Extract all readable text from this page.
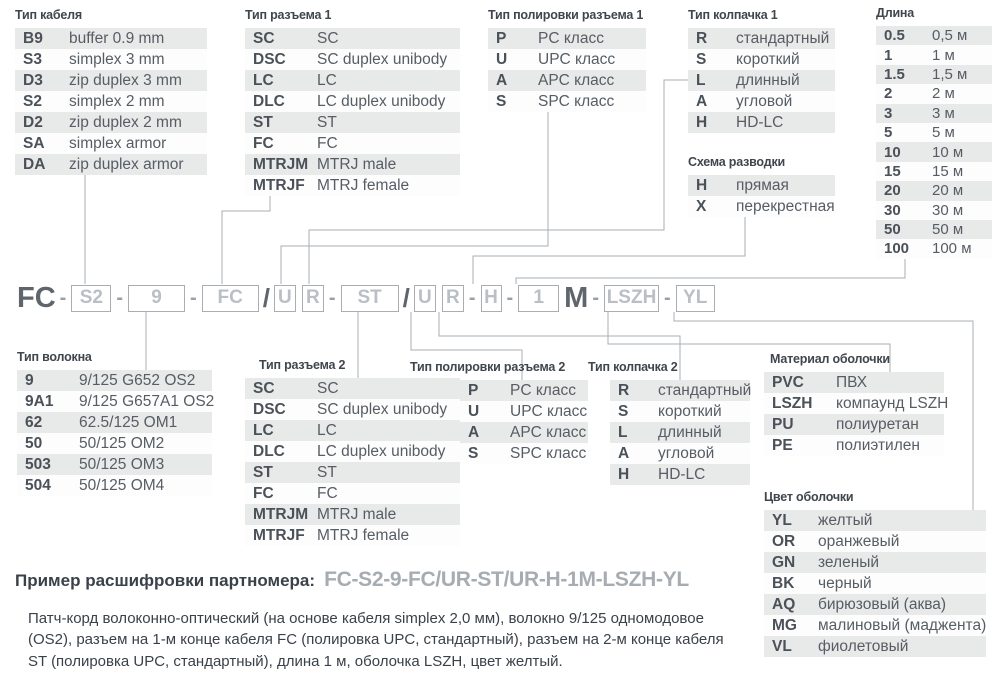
Тип кабеля
B9	buffer 0.9 mm
S3	simplex 3 mm
D3	zip duplex 3 mm
S2	simplex 2 mm
D2	zip duplex 2 mm
SA	simplex armor
DA	zip duplex armor
Тип разъема 1
SC	SC
DSC	SC duplex unibody
LC	LC
DLC	LC duplex unibody
ST	ST
FC	FC
MTRJM MTRJ male
MTRJF MTRJ female
Тип полировки разъема 1
P	PC класс
U	UPC класс
A	APC класс
S	SPC класс
Тип колпачка 1
R	стандартный
S	короткий
L	длинный
A	угловой
H	HD-LC
Схема разводки
H	прямая
X	перекрестная
Длина
0.5	0,5 м
1	1 м
1.5	1,5 м
2	2 м
3	3 м
5	5 м
10	10 м
15	15 м
20	20 м
30	30 м
50	50 м
100	100 м
FC - S2 -	9	-	FC / U R -	ST / U R - H -	1 M - LSZH - YL
Тип волокна
9	9/125 G652 OS2
9A1	9/125 G657A1 OS2
62	62.5/125 OM1
50	50/125 OM2
503	50/125 OM3
504	50/125 OM4
Тип разъема 2
SC	SC
DSC	SC duplex unibody
LC	LC
DLC	LC duplex unibody
ST	ST
FC	FC
MTRJM MTRJ male
MTRJF MTRJ female
Тип полировки разъема 2
P	PC класс
U	UPC класс
A	APC класс
S	SPC класс
Тип колпачка 2
R	стандартный
S	короткий
L	длинный
A	угловой
H	HD-LC
Материал оболочки
PVC	ПВХ
LSZH	компаунд LSZH
PU	полиуретан
PE	полиэтилен
Цвет оболочки
YL	желтый
OR	оранжевый
GN	зеленый
BK	черный
AQ	бирюзовый (аква)
MG	малиновый (маджента)
VL	фиолетовый
Пример расшифровки партномера: FC-S2-9-FC/UR-ST/UR-H-1M-LSZH-YL

Патч-корд волоконно-оптический (на основе кабеля simplex 2,0 мм), волокно 9/125 одномодовое (OS2), разъем на 1-м конце кабеля FC (полировка UPC, стандартный), разъем на 2-м конце кабеля ST (полировка UPC, стандартный), длина 1 м, оболочка LSZH, цвет желтый.
